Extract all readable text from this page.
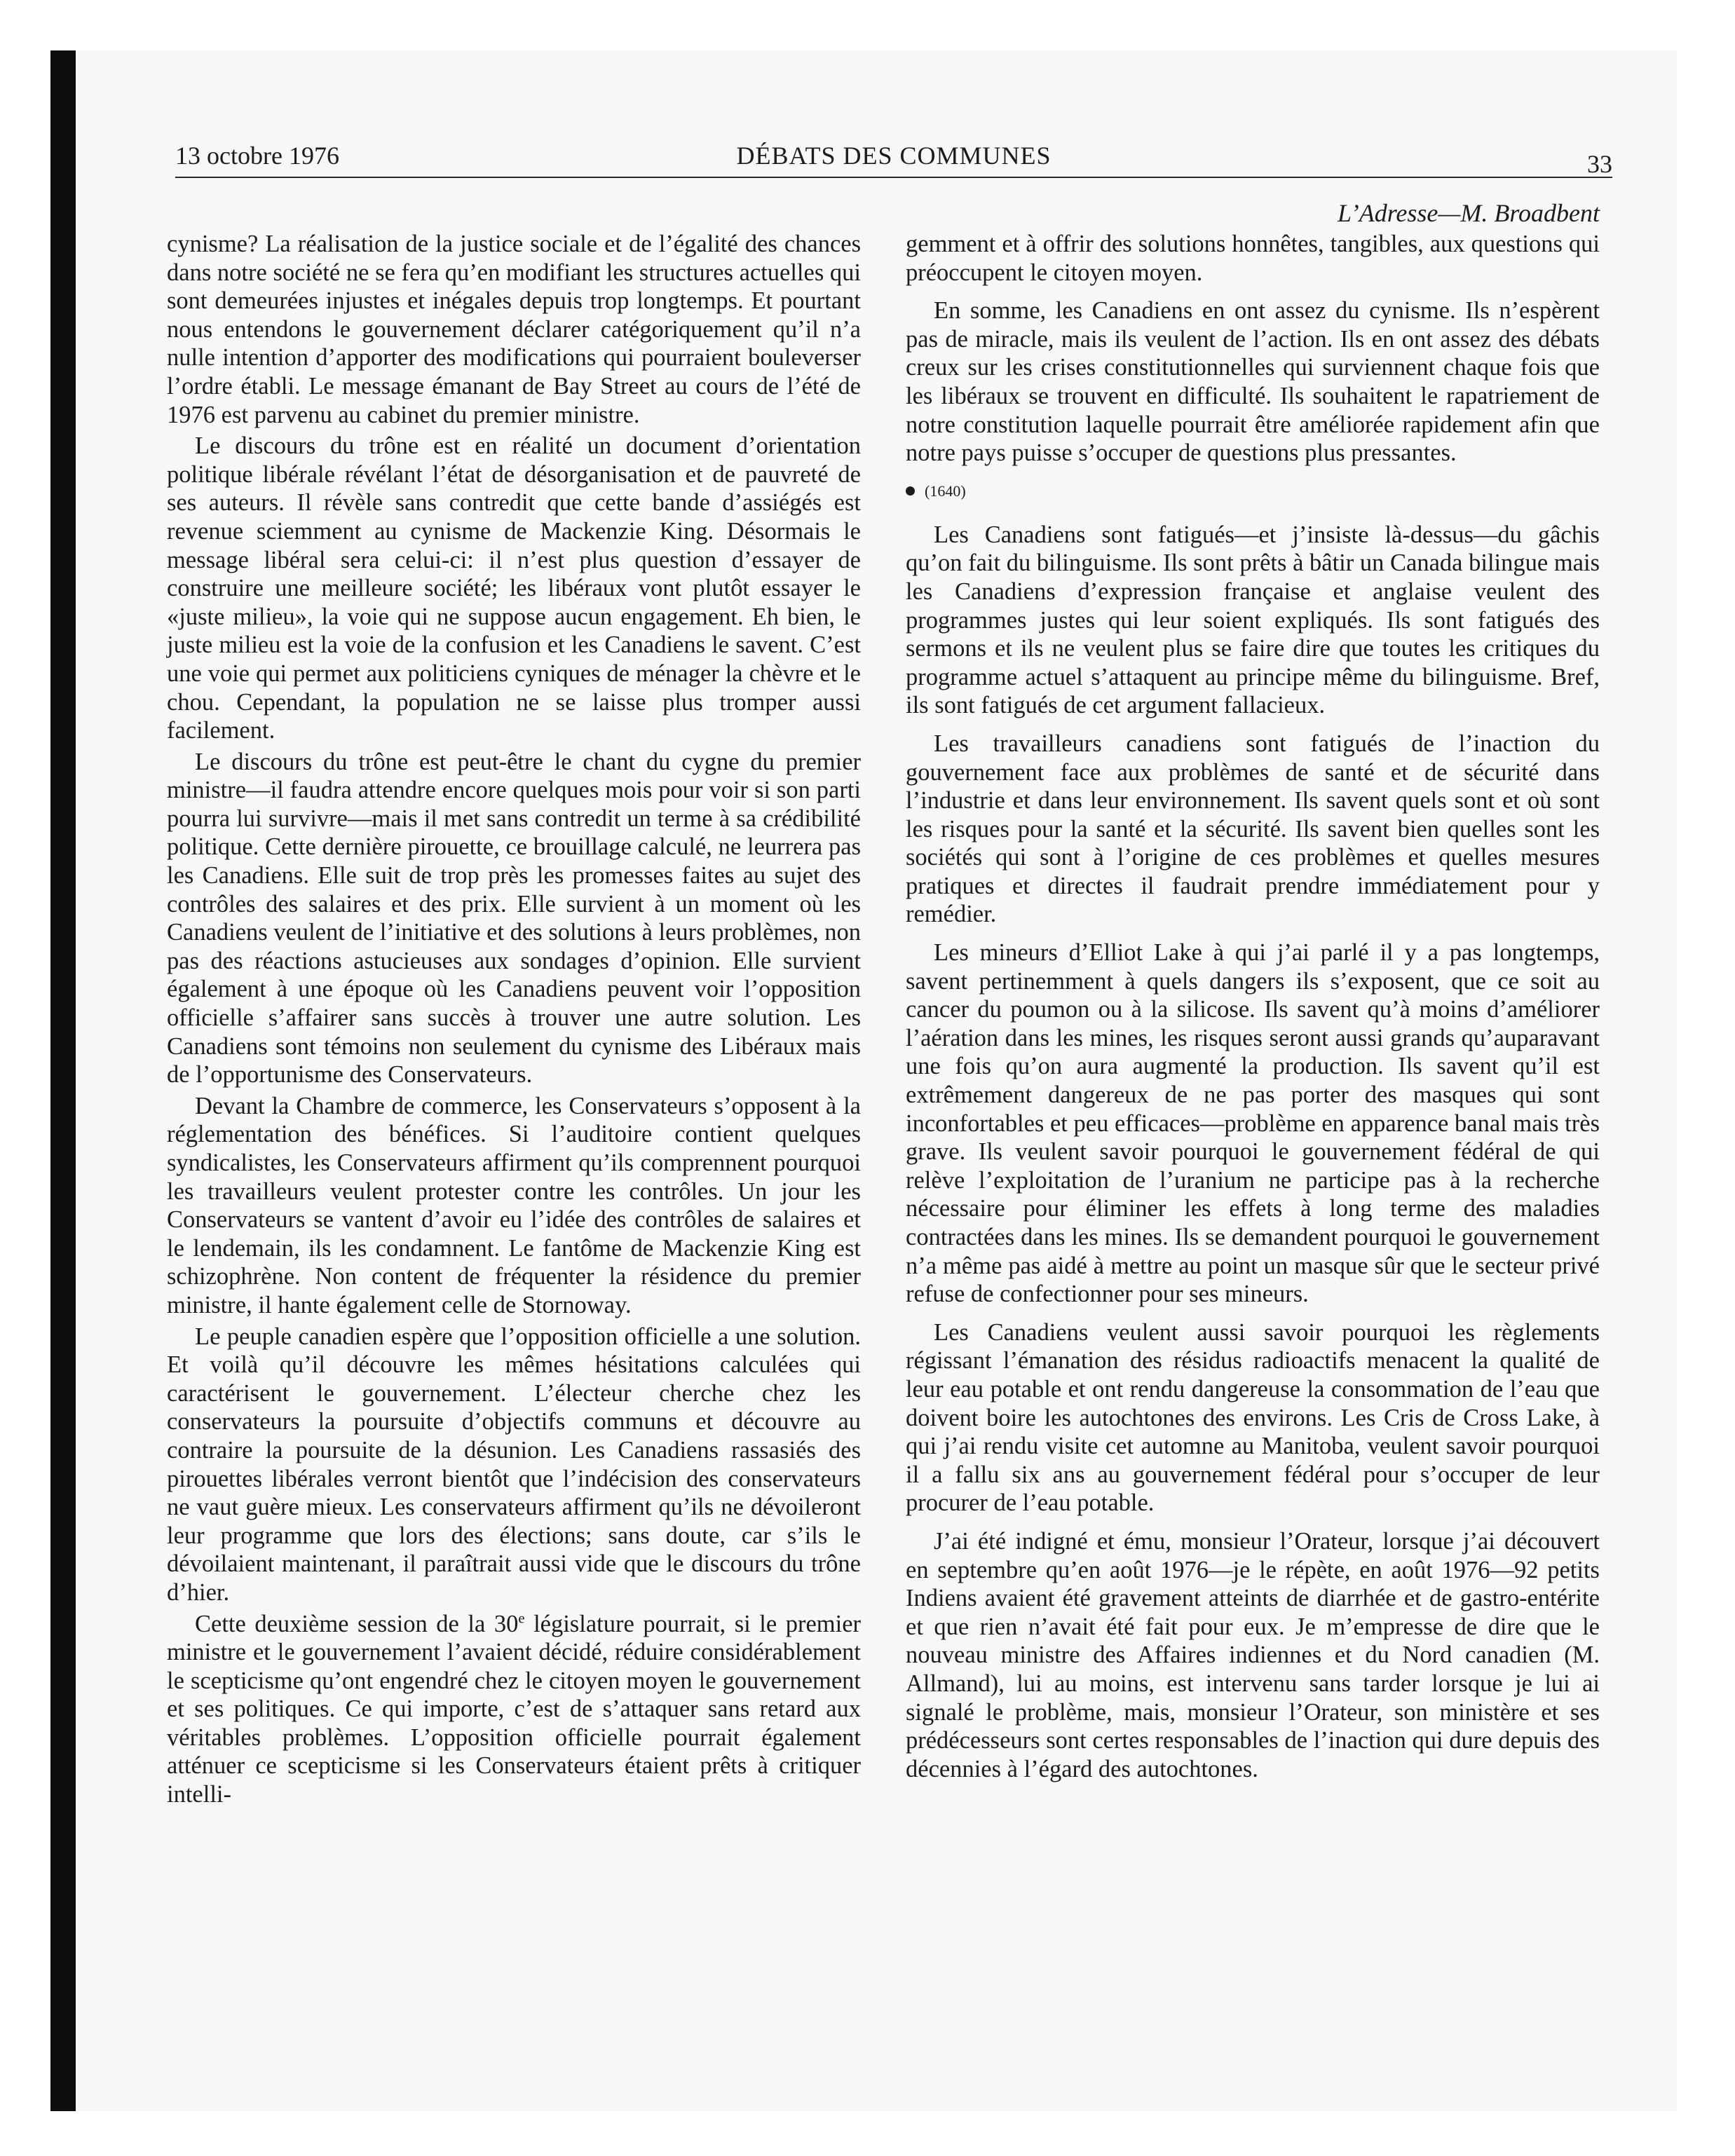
13 octobre 1976	DÉBATS DES COMMUNES	33
L’Adresse—M. Broadbent

cynisme? La réalisation de la justice sociale et de l’égalité des chances dans notre société ne se fera qu’en modifiant les structures actuelles qui sont demeurées injustes et inégales depuis trop longtemps. Et pourtant nous entendons le gouvernement déclarer catégoriquement qu’il n’a nulle intention d’apporter des modifications qui pourraient bouleverser l’ordre établi. Le message émanant de Bay Street au cours de l’été de 1976 est parvenu au cabinet du premier ministre.

Le discours du trône est en réalité un document d’orientation politique libérale révélant l’état de désorganisation et de pauvreté de ses auteurs. Il révèle sans contredit que cette bande d’assiégés est revenue sciemment au cynisme de Mackenzie King. Désormais le message libéral sera celui-ci: il n’est plus question d’essayer de construire une meilleure société; les libéraux vont plutôt essayer le «juste milieu», la voie qui ne suppose aucun engagement. Eh bien, le juste milieu est la voie de la confusion et les Canadiens le savent. C’est une voie qui permet aux politiciens cyniques de ménager la chèvre et le chou. Cependant, la population ne se laisse plus tromper aussi facilement.

Le discours du trône est peut-être le chant du cygne du premier ministre—il faudra attendre encore quelques mois pour voir si son parti pourra lui survivre—mais il met sans contredit un terme à sa crédibilité politique. Cette dernière pirouette, ce brouillage calculé, ne leurrera pas les Canadiens. Elle suit de trop près les promesses faites au sujet des contrôles des salaires et des prix. Elle survient à un moment où les Canadiens veulent de l’initiative et des solutions à leurs problèmes, non pas des réactions astucieuses aux sondages d’opinion. Elle survient également à une époque où les Canadiens peuvent voir l’opposition officielle s’affairer sans succès à trouver une autre solution. Les Canadiens sont témoins non seulement du cynisme des Libéraux mais de l’opportunisme des Conservateurs.

Devant la Chambre de commerce, les Conservateurs s’opposent à la réglementation des bénéfices. Si l’auditoire contient quelques syndicalistes, les Conservateurs affirment qu’ils comprennent pourquoi les travailleurs veulent protester contre les contrôles. Un jour les Conservateurs se vantent d’avoir eu l’idée des contrôles de salaires et le lendemain, ils les condamnent. Le fantôme de Mackenzie King est schizophrène. Non content de fréquenter la résidence du premier ministre, il hante également celle de Stornoway.

Le peuple canadien espère que l’opposition officielle a une solution. Et voilà qu’il découvre les mêmes hésitations calculées qui caractérisent le gouvernement. L’électeur cherche chez les conservateurs la poursuite d’objectifs communs et découvre au contraire la poursuite de la désunion. Les Canadiens rassasiés des pirouettes libérales verront bientôt que l’indécision des conservateurs ne vaut guère mieux. Les conservateurs affirment qu’ils ne dévoileront leur programme que lors des élections; sans doute, car s’ils le dévoilaient maintenant, il paraîtrait aussi vide que le discours du trône d’hier.

Cette deuxième session de la 30e législature pourrait, si le premier ministre et le gouvernement l’avaient décidé, réduire considérablement le scepticisme qu’ont engendré chez le citoyen moyen le gouvernement et ses politiques. Ce qui importe, c’est de s’attaquer sans retard aux véritables problèmes. L’opposition officielle pourrait également atténuer ce scepticisme si les Conservateurs étaient prêts à critiquer intelli-

gemment et à offrir des solutions honnêtes, tangibles, aux questions qui préoccupent le citoyen moyen.

En somme, les Canadiens en ont assez du cynisme. Ils n’espèrent pas de miracle, mais ils veulent de l’action. Ils en ont assez des débats creux sur les crises constitutionnelles qui surviennent chaque fois que les libéraux se trouvent en difficulté. Ils souhaitent le rapatriement de notre constitution laquelle pourrait être améliorée rapidement afin que notre pays puisse s’occuper de questions plus pressantes.

(1640)

Les Canadiens sont fatigués—et j’insiste là-dessus—du gâchis qu’on fait du bilinguisme. Ils sont prêts à bâtir un Canada bilingue mais les Canadiens d’expression française et anglaise veulent des programmes justes qui leur soient expliqués. Ils sont fatigués des sermons et ils ne veulent plus se faire dire que toutes les critiques du programme actuel s’attaquent au principe même du bilinguisme. Bref, ils sont fatigués de cet argument fallacieux.

Les travailleurs canadiens sont fatigués de l’inaction du gouvernement face aux problèmes de santé et de sécurité dans l’industrie et dans leur environnement. Ils savent quels sont et où sont les risques pour la santé et la sécurité. Ils savent bien quelles sont les sociétés qui sont à l’origine de ces problèmes et quelles mesures pratiques et directes il faudrait prendre immédiatement pour y remédier.

Les mineurs d’Elliot Lake à qui j’ai parlé il y a pas longtemps, savent pertinemment à quels dangers ils s’exposent, que ce soit au cancer du poumon ou à la silicose. Ils savent qu’à moins d’améliorer l’aération dans les mines, les risques seront aussi grands qu’auparavant une fois qu’on aura augmenté la production. Ils savent qu’il est extrêmement dangereux de ne pas porter des masques qui sont inconfortables et peu efficaces—problème en apparence banal mais très grave. Ils veulent savoir pourquoi le gouvernement fédéral de qui relève l’exploitation de l’uranium ne participe pas à la recherche nécessaire pour éliminer les effets à long terme des maladies contractées dans les mines. Ils se demandent pourquoi le gouvernement n’a même pas aidé à mettre au point un masque sûr que le secteur privé refuse de confectionner pour ses mineurs.

Les Canadiens veulent aussi savoir pourquoi les règlements régissant l’émanation des résidus radioactifs menacent la qualité de leur eau potable et ont rendu dangereuse la consommation de l’eau que doivent boire les autochtones des environs. Les Cris de Cross Lake, à qui j’ai rendu visite cet automne au Manitoba, veulent savoir pourquoi il a fallu six ans au gouvernement fédéral pour s’occuper de leur procurer de l’eau potable.

J’ai été indigné et ému, monsieur l’Orateur, lorsque j’ai découvert en septembre qu’en août 1976—je le répète, en août 1976—92 petits Indiens avaient été gravement atteints de diarrhée et de gastro-entérite et que rien n’avait été fait pour eux. Je m’empresse de dire que le nouveau ministre des Affaires indiennes et du Nord canadien (M. Allmand), lui au moins, est intervenu sans tarder lorsque je lui ai signalé le problème, mais, monsieur l’Orateur, son ministère et ses prédécesseurs sont certes responsables de l’inaction qui dure depuis des décennies à l’égard des autochtones.
